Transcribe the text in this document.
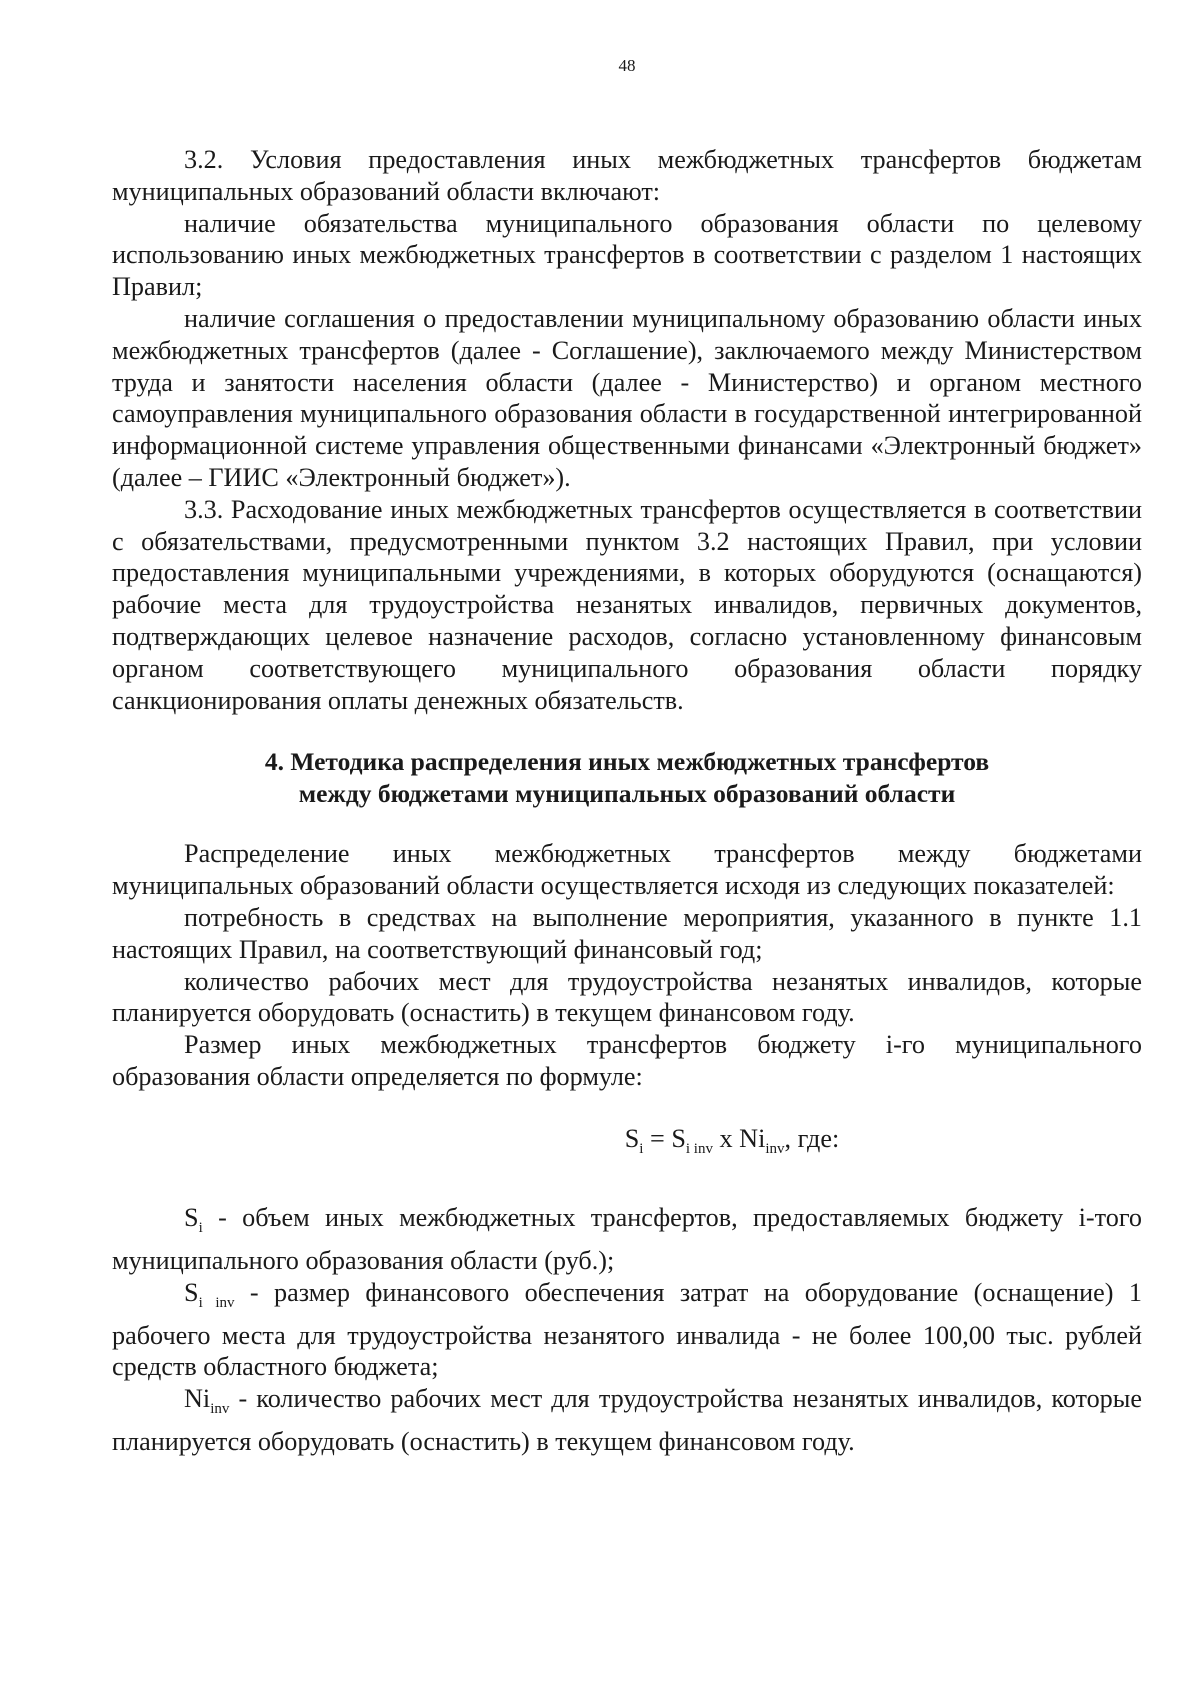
48

3.2. Условия предоставления иных межбюджетных трансфертов бюджетам муниципальных образований области включают:

наличие обязательства муниципального образования области по целевому использованию иных межбюджетных трансфертов в соответствии с разделом 1 настоящих Правил;

наличие соглашения о предоставлении муниципальному образованию области иных межбюджетных трансфертов (далее - Соглашение), заключаемого между Министерством труда и занятости населения области (далее - Министерство) и органом местного самоуправления муниципального образования области в государственной интегрированной информационной системе управления общественными финансами «Электронный бюджет» (далее – ГИИС «Электронный бюджет»).

3.3. Расходование иных межбюджетных трансфертов осуществляется в соответствии с обязательствами, предусмотренными пунктом 3.2 настоящих Правил, при условии предоставления муниципальными учреждениями, в которых оборудуются (оснащаются) рабочие места для трудоустройства незанятых инвалидов, первичных документов, подтверждающих целевое назначение расходов, согласно установленному финансовым органом соответствующего муниципального образования области порядку санкционирования оплаты денежных обязательств.

4. Методика распределения иных межбюджетных трансфертов
между бюджетами муниципальных образований области

Распределение иных межбюджетных трансфертов между бюджетами муниципальных образований области осуществляется исходя из следующих показателей:

потребность в средствах на выполнение мероприятия, указанного в пункте 1.1 настоящих Правил, на соответствующий финансовый год;

количество рабочих мест для трудоустройства незанятых инвалидов, которые планируется оборудовать (оснастить) в текущем финансовом году.

Размер иных межбюджетных трансфертов бюджету i-го муниципального образования области определяется по формуле:

$S_i = S_{i inv}$ x $Ni_{inv}$, где:

$S_i$ - объем иных межбюджетных трансфертов, предоставляемых бюджету i-того муниципального образования области (руб.);

$S_{i inv}$ - размер финансового обеспечения затрат на оборудование (оснащение) 1 рабочего места для трудоустройства незанятого инвалида - не более 100,00 тыс. рублей средств областного бюджета;

$Ni_{inv}$ - количество рабочих мест для трудоустройства незанятых инвалидов, которые планируется оборудовать (оснастить) в текущем финансовом году.
